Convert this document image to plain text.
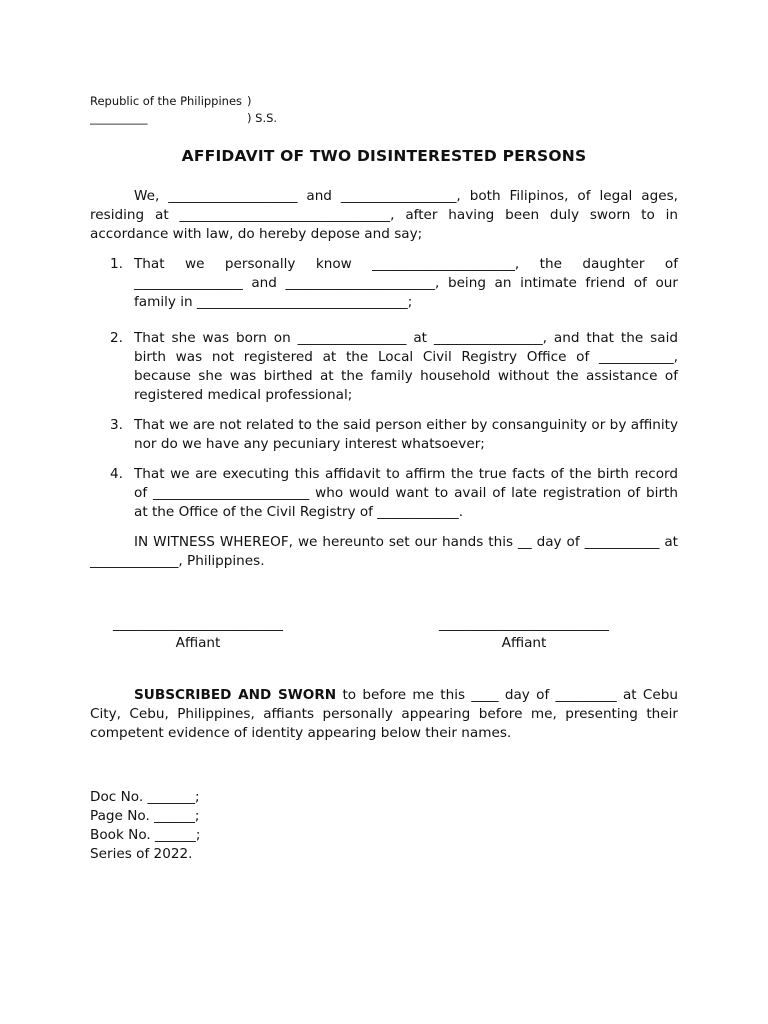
Republic of the Philippines )
__________	) S.S.
AFFIDAVIT OF TWO DISINTERESTED PERSONS

We, ___________________ and _________________, both Filipinos, of legal ages, residing at _______________________________, after having been duly sworn to in accordance with law, do hereby depose and say;

1. That we personally know _____________________, the daughter of ________________ and ______________________, being an intimate friend of our family in _______________________________;
2. That she was born on ________________ at ________________, and that the said birth was not registered at the Local Civil Registry Office of ___________, because she was birthed at the family household without the assistance of registered medical professional;
3. That we are not related to the said person either by consanguinity or by affinity nor do we have any pecuniary interest whatsoever;
4. That we are executing this affidavit to affirm the true facts of the birth record of _______________________ who would want to avail of late registration of birth at the Office of the Civil Registry of ____________.

IN WITNESS WHEREOF, we hereunto set our hands this __ day of ___________ at _____________, Philippines.

_________________________
Affiant
_________________________
Affiant

SUBSCRIBED AND SWORN to before me this ____ day of _________ at Cebu City, Cebu, Philippines, affiants personally appearing before me, presenting their competent evidence of identity appearing below their names.

Doc No. _______;
Page No. ______;
Book No. ______;
Series of 2022.
